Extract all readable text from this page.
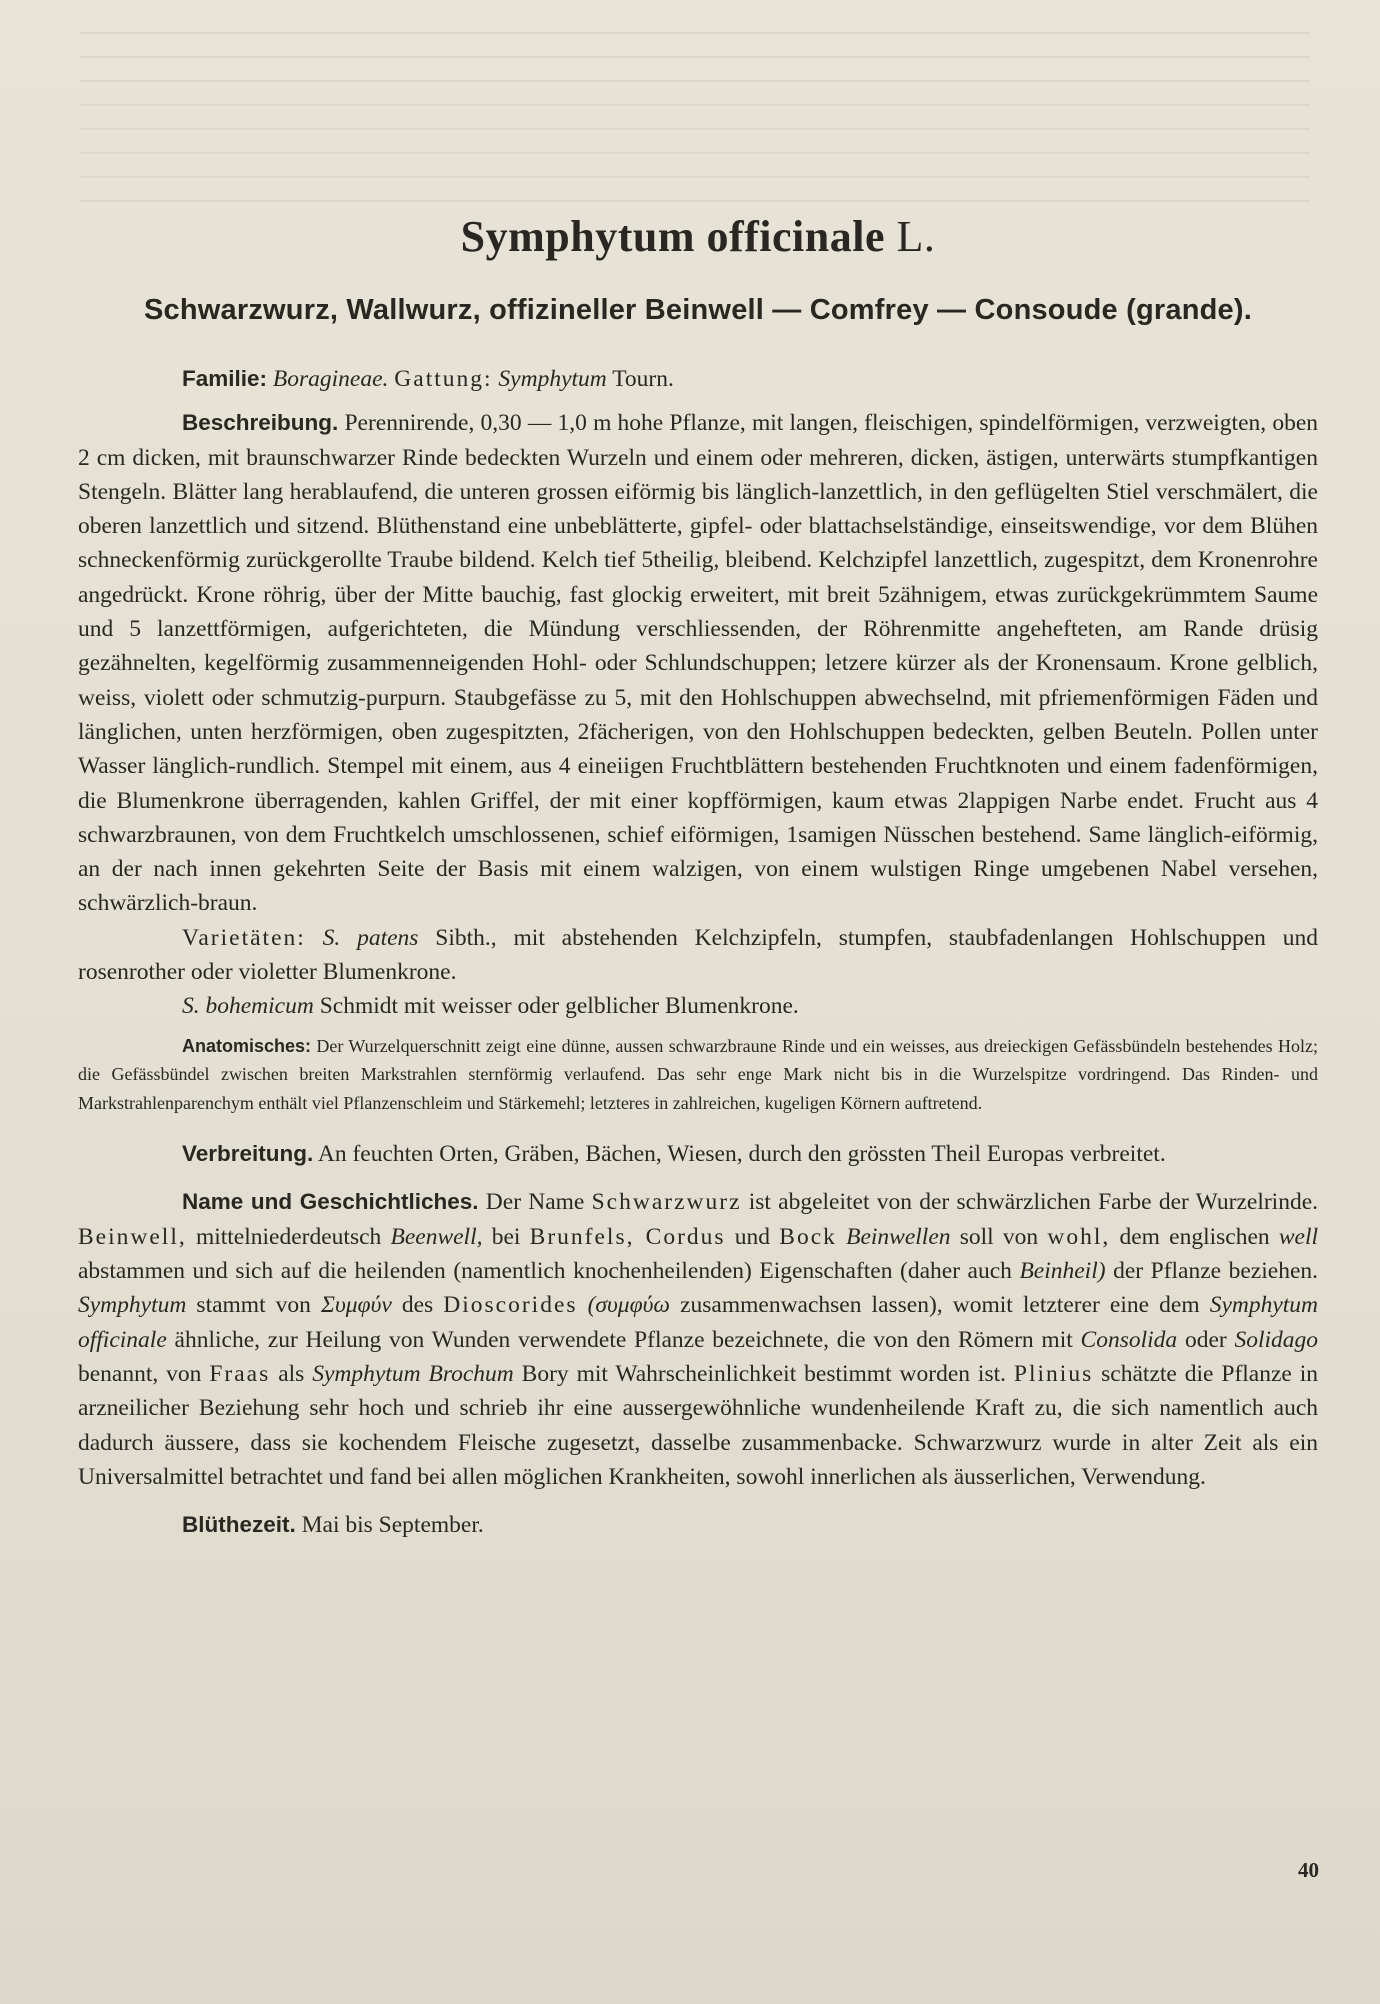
Symphytum officinale L.
Schwarzwurz, Wallwurz, offizineller Beinwell — Comfrey — Consoude (grande).

Familie: Boragineae. Gattung: Symphytum Tourn.

Beschreibung. Perennirende, 0,30 — 1,0 m hohe Pflanze, mit langen, fleischigen, spindelförmigen, verzweigten, oben 2 cm dicken, mit braunschwarzer Rinde bedeckten Wurzeln und einem oder mehreren, dicken, ästigen, unterwärts stumpfkantigen Stengeln. Blätter lang herablaufend, die unteren grossen eiförmig bis länglich-lanzettlich, in den geflügelten Stiel verschmälert, die oberen lanzettlich und sitzend. Blüthenstand eine unbeblätterte, gipfel- oder blattachselständige, einseitswendige, vor dem Blühen schneckenförmig zurückgerollte Traube bildend. Kelch tief 5theilig, bleibend. Kelchzipfel lanzettlich, zugespitzt, dem Kronenrohre angedrückt. Krone röhrig, über der Mitte bauchig, fast glockig erweitert, mit breit 5zähnigem, etwas zurückgekrümmtem Saume und 5 lanzettförmigen, aufgerichteten, die Mündung verschliessenden, der Röhrenmitte angehefteten, am Rande drüsig gezähnelten, kegelförmig zusammenneigenden Hohl- oder Schlundschuppen; letzere kürzer als der Kronensaum. Krone gelblich, weiss, violett oder schmutzig-purpurn. Staubgefässe zu 5, mit den Hohlschuppen abwechselnd, mit pfriemenförmigen Fäden und länglichen, unten herzförmigen, oben zugespitzten, 2fächerigen, von den Hohlschuppen bedeckten, gelben Beuteln. Pollen unter Wasser länglich-rundlich. Stempel mit einem, aus 4 eineiigen Fruchtblättern bestehenden Fruchtknoten und einem fadenförmigen, die Blumenkrone überragenden, kahlen Griffel, der mit einer kopfförmigen, kaum etwas 2lappigen Narbe endet. Frucht aus 4 schwarzbraunen, von dem Fruchtkelch umschlossenen, schief eiförmigen, 1samigen Nüsschen bestehend. Same länglich-eiförmig, an der nach innen gekehrten Seite der Basis mit einem walzigen, von einem wulstigen Ringe umgebenen Nabel versehen, schwärzlich-braun.

Varietäten: S. patens Sibth., mit abstehenden Kelchzipfeln, stumpfen, staubfadenlangen Hohlschuppen und rosenrother oder violetter Blumenkrone.

S. bohemicum Schmidt mit weisser oder gelblicher Blumenkrone.

Anatomisches: Der Wurzelquerschnitt zeigt eine dünne, aussen schwarzbraune Rinde und ein weisses, aus dreieckigen Gefässbündeln bestehendes Holz; die Gefässbündel zwischen breiten Markstrahlen sternförmig verlaufend. Das sehr enge Mark nicht bis in die Wurzelspitze vordringend. Das Rinden- und Markstrahlenparenchym enthält viel Pflanzenschleim und Stärkemehl; letzteres in zahlreichen, kugeligen Körnern auftretend.

Verbreitung. An feuchten Orten, Gräben, Bächen, Wiesen, durch den grössten Theil Europas verbreitet.

Name und Geschichtliches. Der Name Schwarzwurz ist abgeleitet von der schwärzlichen Farbe der Wurzelrinde. Beinwell, mittelniederdeutsch Beenwell, bei Brunfels, Cordus und Bock Beinwellen soll von wohl, dem englischen well abstammen und sich auf die heilenden (namentlich knochenheilenden) Eigenschaften (daher auch Beinheil) der Pflanze beziehen. Symphytum stammt von Συμφύν des Dioscorides (συμφύω zusammenwachsen lassen), womit letzterer eine dem Symphytum officinale ähnliche, zur Heilung von Wunden verwendete Pflanze bezeichnete, die von den Römern mit Consolida oder Solidago benannt, von Fraas als Symphytum Brochum Bory mit Wahrscheinlichkeit bestimmt worden ist. Plinius schätzte die Pflanze in arzneilicher Beziehung sehr hoch und schrieb ihr eine aussergewöhnliche wundenheilende Kraft zu, die sich namentlich auch dadurch äussere, dass sie kochendem Fleische zugesetzt, dasselbe zusammenbacke. Schwarzwurz wurde in alter Zeit als ein Universalmittel betrachtet und fand bei allen möglichen Krankheiten, sowohl innerlichen als äusserlichen, Verwendung.

Blüthezeit. Mai bis September.

40
